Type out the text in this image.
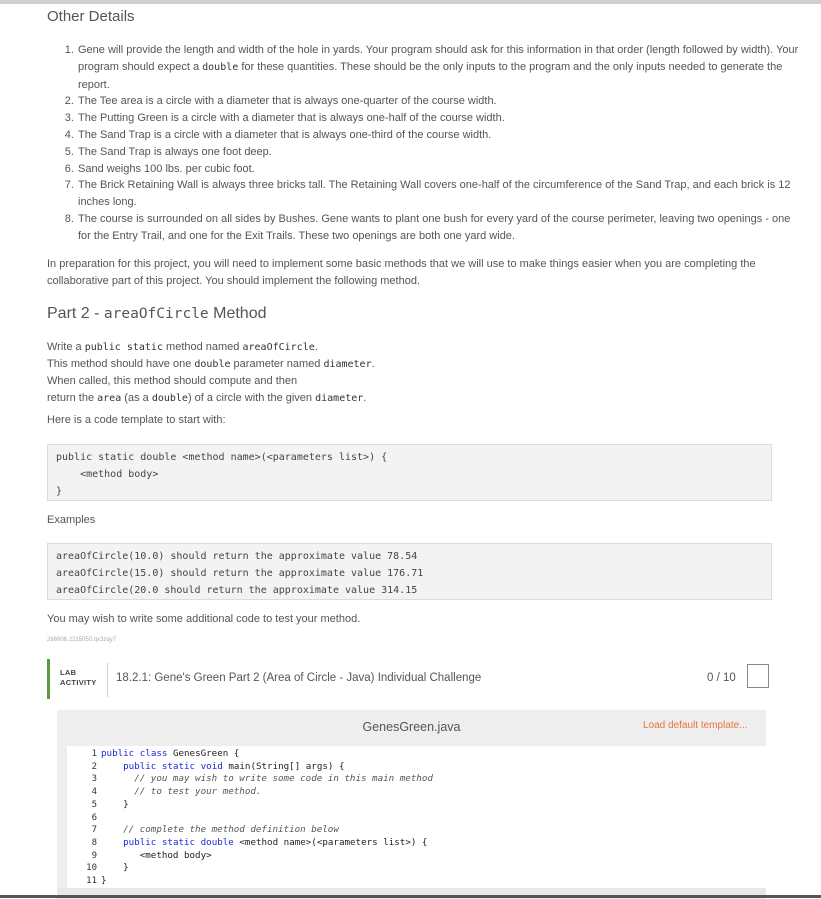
Other Details
1. Gene will provide the length and width of the hole in yards. Your program should ask for this information in that order (length followed by width). Your program should expect a double for these quantities. These should be the only inputs to the program and the only inputs needed to generate the report.
2. The Tee area is a circle with a diameter that is always one-quarter of the course width.
3. The Putting Green is a circle with a diameter that is always one-half of the course width.
4. The Sand Trap is a circle with a diameter that is always one-third of the course width.
5. The Sand Trap is always one foot deep.
6. Sand weighs 100 lbs. per cubic foot.
7. The Brick Retaining Wall is always three bricks tall. The Retaining Wall covers one-half of the circumference of the Sand Trap, and each brick is 12 inches long.
8. The course is surrounded on all sides by Bushes. Gene wants to plant one bush for every yard of the course perimeter, leaving two openings - one for the Entry Trail, and one for the Exit Trails. These two openings are both one yard wide.

In preparation for this project, you will need to implement some basic methods that we will use to make things easier when you are completing the collaborative part of this project. You should implement the following method.

Part 2 - areaOfCircle Method
Write a public static method named areaOfCircle.
This method should have one double parameter named diameter.
When called, this method should compute and then
return the area (as a double) of a circle with the given diameter.
Here is a code template to start with:
public static double <method name>(<parameters list>) {
<method body>
}
Examples
areaOfCircle(10.0) should return the approximate value 78.54
areaOfCircle(15.0) should return the approximate value 176.71
areaOfCircle(20.0 should return the approximate value 314.15
You may wish to write some additional code to test your method.
266606.2215050.qx3zqy7
LAB
ACTIVITY 18.2.1: Gene's Green Part 2 (Area of Circle - Java) Individual Challenge	0 / 10
GenesGreen.java	Load default template...
1
2
3
4
5
6
7
8
9
10
11
public class GenesGreen {
public static void main(String[] args) {
// you may wish to write some code in this main method
// to test your method.
}

// complete the method definition below
public static double <method name>(<parameters list>) {
<method body>
}
}
